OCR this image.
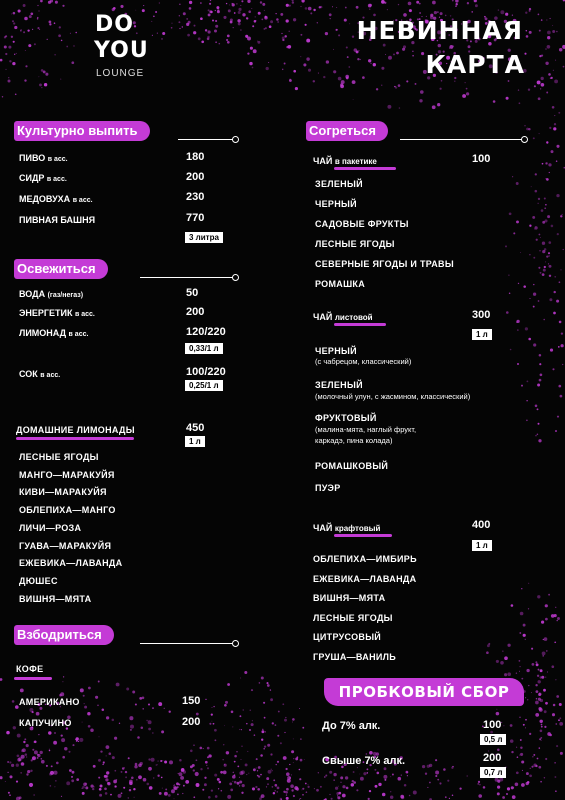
DO
YOU
LOUNGE
НЕВИННАЯ
КАРТА
Культурно выпить
ПИВО в асс.	180
СИДР в асс.	200
МЕДОВУХА в асс.	230
ПИВНАЯ БАШНЯ	770
3 литра
Освежиться
ВОДА (газ/негаз)	50
ЭНЕРГЕТИК в асс.	200
ЛИМОНАД в асс.	120/220
0,33/1 л
СОК в асс.	100/220
0,25/1 л
ДОМАШНИЕ ЛИМОНАДЫ	450
1 л
ЛЕСНЫЕ ЯГОДЫ
МАНГО—МАРАКУЙЯ
КИВИ—МАРАКУЙЯ
ОБЛЕПИХА—МАНГО
ЛИЧИ—РОЗА
ГУАВА—МАРАКУЙЯ
ЕЖЕВИКА—ЛАВАНДА
ДЮШЕС
ВИШНЯ—МЯТА
Взбодриться
КОФЕ
АМЕРИКАНО	150
КАПУЧИНО	200
Согреться
ЧАЙ в пакетике	100
ЗЕЛЕНЫЙ
ЧЕРНЫЙ
САДОВЫЕ ФРУКТЫ
ЛЕСНЫЕ ЯГОДЫ
СЕВЕРНЫЕ ЯГОДЫ И ТРАВЫ
РОМАШКА
ЧАЙ листовой	300
1 л
ЧЕРНЫЙ
(с чабрецом, классический)
ЗЕЛЕНЫЙ
(молочный улун, с жасмином, классический)
ФРУКТОВЫЙ
(малина-мята, наглый фрукт,
каркадэ, пина колада)
РОМАШКОВЫЙ
ПУЭР
ЧАЙ крафтовый	400
1 л
ОБЛЕПИХА—ИМБИРЬ
ЕЖЕВИКА—ЛАВАНДА
ВИШНЯ—МЯТА
ЛЕСНЫЕ ЯГОДЫ
ЦИТРУСОВЫЙ
ГРУША—ВАНИЛЬ
ПРОБКОВЫЙ СБОР
До 7% алк.	100
0,5 л
Свыше 7% алк.	200
0,7 л
